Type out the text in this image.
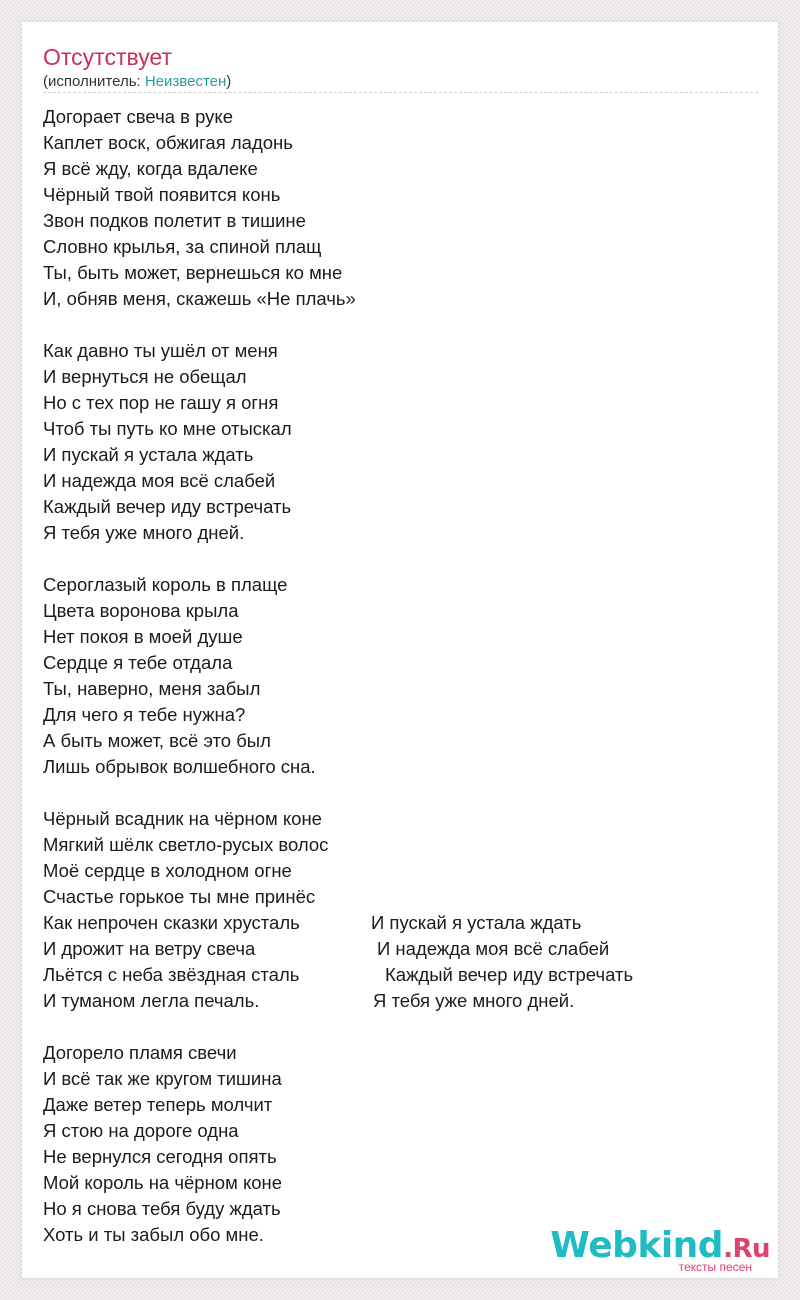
Отсутствует
(исполнитель: Неизвестен)
Догорает свеча в руке
Каплет воск, обжигая ладонь
Я всё жду, когда вдалеке
Чёрный твой появится конь
Звон подков полетит в тишине
Словно крылья, за спиной плащ
Ты, быть может, вернешься ко мне
И, обняв меня, скажешь «Не плачь»
Как давно ты ушёл от меня
И вернуться не обещал
Но с тех пор не гашу я огня
Чтоб ты путь ко мне отыскал
И пускай я устала ждать
И надежда моя всё слабей
Каждый вечер иду встречать
Я тебя уже много дней.
Сероглазый король в плаще
Цвета воронова крыла
Нет покоя в моей душе
Сердце я тебе отдала
Ты, наверно, меня забыл
Для чего я тебе нужна?
А быть может, всё это был
Лишь обрывок волшебного сна.
Чёрный всадник на чёрном коне
Мягкий шёлк светло-русых волос
Моё сердце в холодном огне
Счастье горькое ты мне принёс
Как непрочен сказки хрусталь	И пускай я устала ждать
И дрожит на ветру свеча	И надежда моя всё слабей
Льётся с неба звёздная сталь	Каждый вечер иду встречать
И туманом легла печаль.	Я тебя уже много дней.
Догорело пламя свечи
И всё так же кругом тишина
Даже ветер теперь молчит
Я стою на дороге одна
Не вернулся сегодня опять
Мой король на чёрном коне
Но я снова тебя буду ждать
Хоть и ты забыл обо мне.	Webkind.Ru
тексты песен
